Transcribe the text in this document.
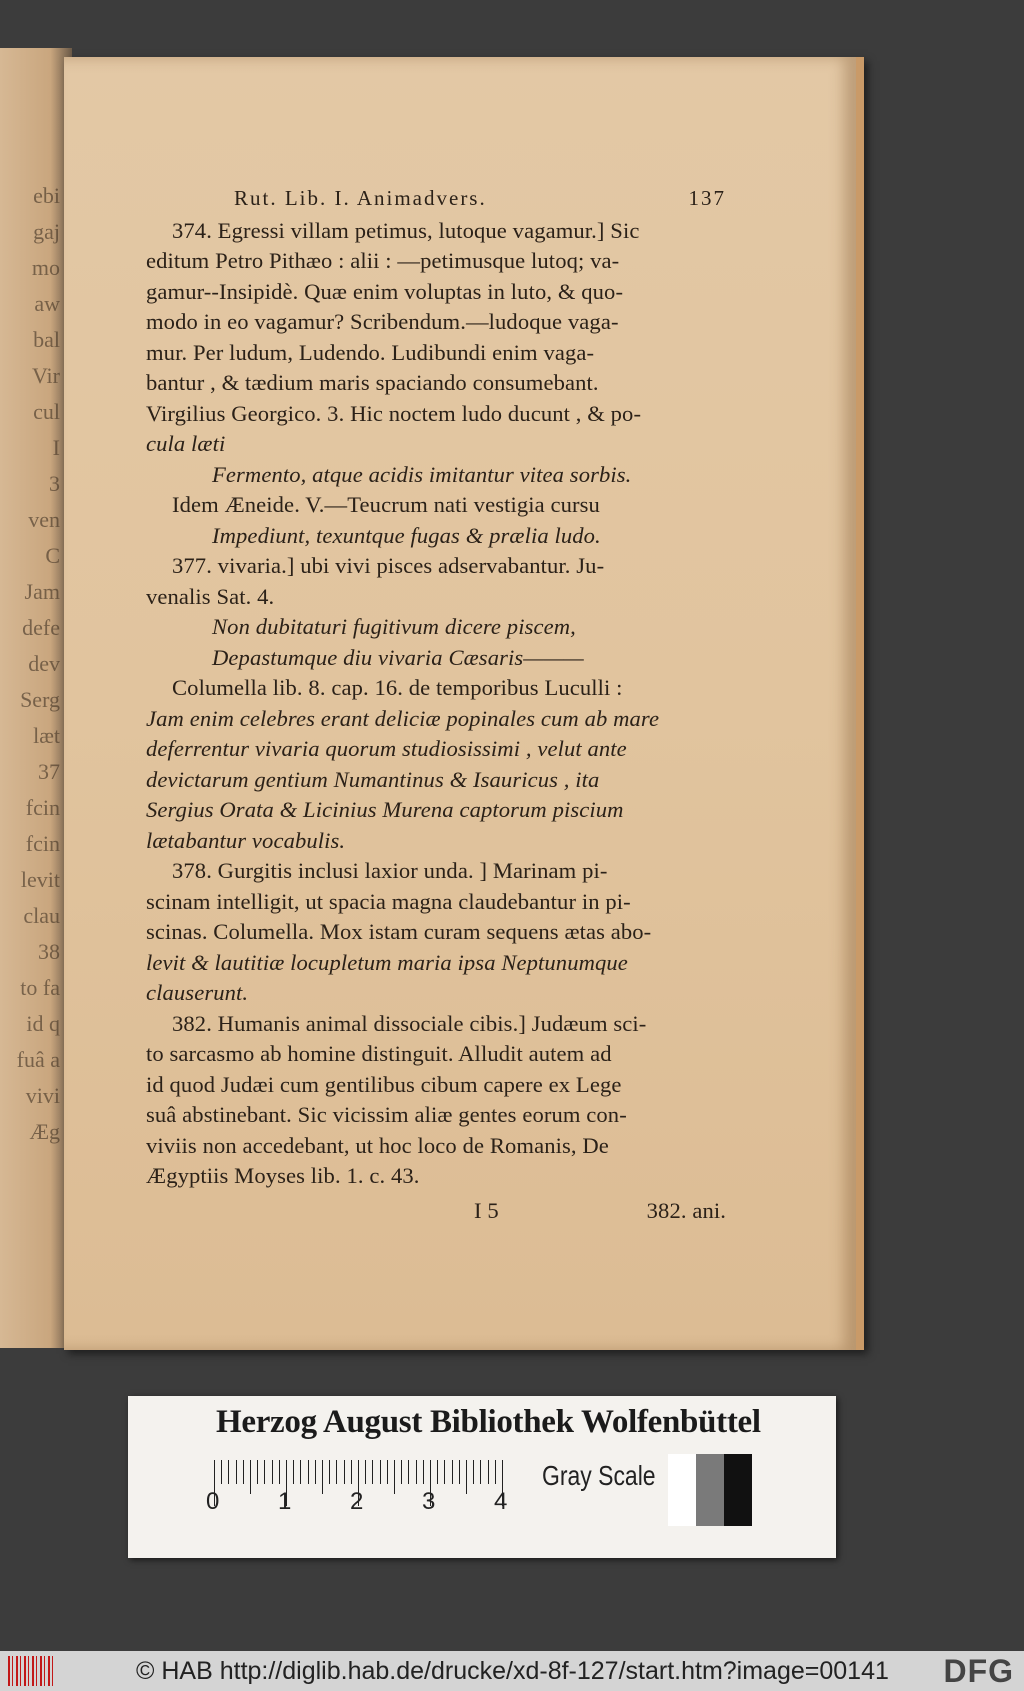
ebi
gaj
mo
aw
bal
Vir
cul
I
3
ven
C
Jam
defe
dev
Serg
læt
37
fcin
fcin
levit
clau
38
to fa
id q
fuâ a
vivi
Æg
Rut. Lib. I. Animadvers.	137
374. Egressi villam petimus, lutoque vagamur.] Sic
editum Petro Pithæo : alii : —petimusque lutoq; va-
gamur--Insipidè. Quæ enim voluptas in luto, & quo-
modo in eo vagamur? Scribendum.—ludoque vaga-
mur. Per ludum, Ludendo. Ludibundi enim vaga-
bantur , & tædium maris spaciando consumebant.
Virgilius Georgico. 3. Hic noctem ludo ducunt , & po-
cula læti
Fermento, atque acidis imitantur vitea sorbis.
Idem Æneide. V.—Teucrum nati vestigia cursu
Impediunt, texuntque fugas & prælia ludo.
377. vivaria.] ubi vivi pisces adservabantur. Ju-
venalis Sat. 4.
Non dubitaturi fugitivum dicere piscem,
Depastumque diu vivaria Cæsaris———
Columella lib. 8. cap. 16. de temporibus Luculli :
Jam enim celebres erant deliciæ popinales cum ab mare
deferrentur vivaria quorum studiosissimi , velut ante
devictarum gentium Numantinus & Isauricus , ita
Sergius Orata & Licinius Murena captorum piscium
lætabantur vocabulis.
378. Gurgitis inclusi laxior unda. ] Marinam pi-
scinam intelligit, ut spacia magna claudebantur in pi-
scinas. Columella. Mox istam curam sequens ætas abo-
levit & lautitiæ locupletum maria ipsa Neptunumque
clauserunt.
382. Humanis animal dissociale cibis.] Judæum sci-
to sarcasmo ab homine distinguit. Alludit autem ad
id quod Judæi cum gentilibus cibum capere ex Lege
suâ abstinebant. Sic vicissim aliæ gentes eorum con-
viviis non accedebant, ut hoc loco de Romanis, De
Ægyptiis Moyses lib. 1. c. 43.
I 5	382. ani.
Herzog August Bibliothek Wolfenbüttel
0 1 2 3 4
Gray Scale
© HAB http://diglib.hab.de/drucke/xd-8f-127/start.htm?image=00141 DFG
